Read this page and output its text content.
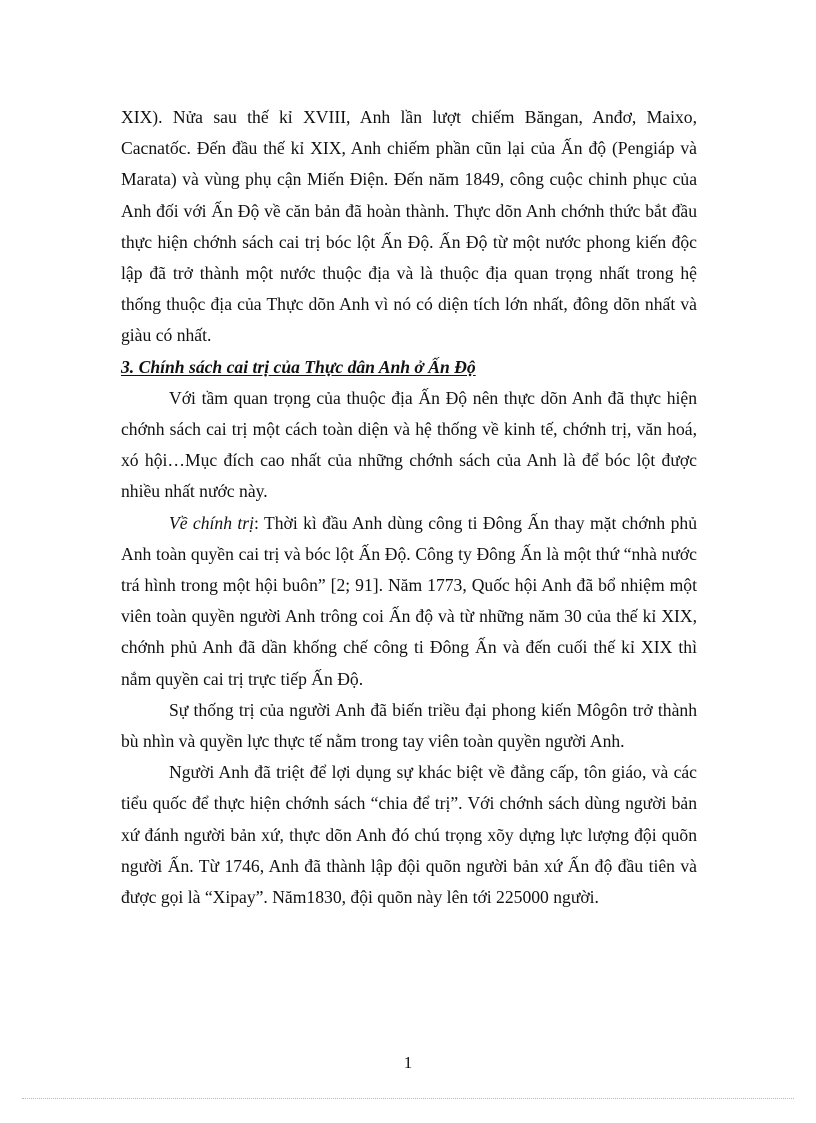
XIX). Nửa sau thế kỉ XVIII, Anh lần lượt chiếm Băngan, Anđơ, Maixo, Cacnatốc. Đến đầu thế kỉ XIX, Anh chiếm phần cũn lại của Ấn độ (Pengiáp và Marata) và vùng phụ cận Miến Điện. Đến năm 1849, công cuộc chinh phục của Anh đối với Ấn Độ về căn bản đã hoàn thành. Thực dõn Anh chớnh thức bắt đầu thực hiện chớnh sách cai trị bóc lột Ấn Độ. Ấn Độ từ một nước phong kiến độc lập đã trở thành một nước thuộc địa và là thuộc địa quan trọng nhất trong hệ thống thuộc địa của Thực dõn Anh vì nó có diện tích lớn nhất, đông dõn nhất và giàu có nhất.

3. Chính sách cai trị của Thực dân Anh ở Ấn Độ

Với tầm quan trọng của thuộc địa Ấn Độ nên thực dõn Anh đã thực hiện chớnh sách cai trị một cách toàn diện và hệ thống về kinh tế, chớnh trị, văn hoá, xó hội…Mục đích cao nhất của những chớnh sách của Anh là để bóc lột được nhiều nhất nước này.

Về chính trị: Thời kì đầu Anh dùng công ti Đông Ấn thay mặt chớnh phủ Anh toàn quyền cai trị và bóc lột Ấn Độ. Công ty Đông Ấn là một thứ “nhà nước trá hình trong một hội buôn” [2; 91]. Năm 1773, Quốc hội Anh đã bổ nhiệm một viên toàn quyền người Anh trông coi Ấn độ và từ những năm 30 của thế kỉ XIX, chớnh phủ Anh đã dần khống chế công ti Đông Ấn và đến cuối thế kỉ XIX thì nắm quyền cai trị trực tiếp Ấn Độ.

Sự thống trị của người Anh đã biến triều đại phong kiến Môgôn trở thành bù nhìn và quyền lực thực tế nằm trong tay viên toàn quyền người Anh.

Người Anh đã triệt để lợi dụng sự khác biệt về đẳng cấp, tôn giáo, và các tiểu quốc để thực hiện chớnh sách “chia để trị”. Với chớnh sách dùng người bản xứ đánh người bản xứ, thực dõn Anh đó chú trọng xõy dựng lực lượng đội quõn người Ấn. Từ 1746, Anh đã thành lập đội quõn người bản xứ Ấn độ đầu tiên và được gọi là “Xipay”. Năm1830, đội quõn này lên tới 225000 người.

1
